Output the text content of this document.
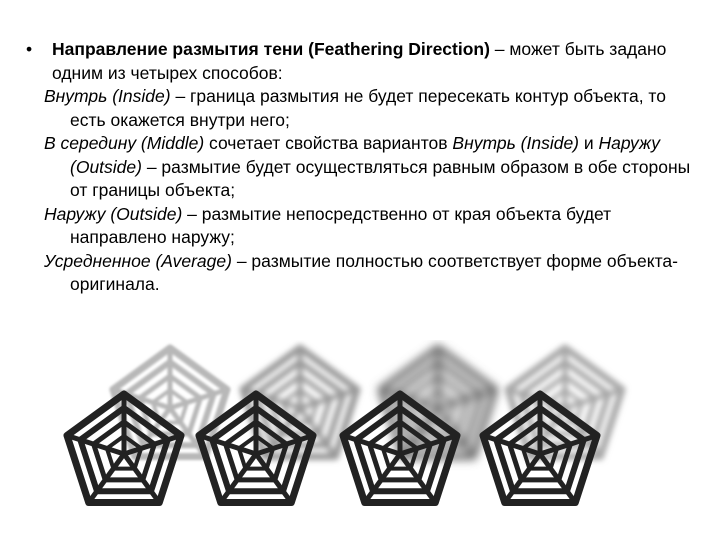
• Направление размытия тени (Feathering Direction) – может быть задано одним из четырех способов:

Внутрь (Inside) – граница размытия не будет пересекать контур объекта, то есть окажется внутри него;

В середину (Middle) сочетает свойства вариантов Внутрь (Inside) и Наружу (Outside) – размытие будет осуществляться равным образом в обе стороны от границы объекта;

Наружу (Outside) – размытие непосредственно от края объекта будет направлено наружу;

Усредненное (Average) – размытие полностью соответствует форме объекта-оригинала.
